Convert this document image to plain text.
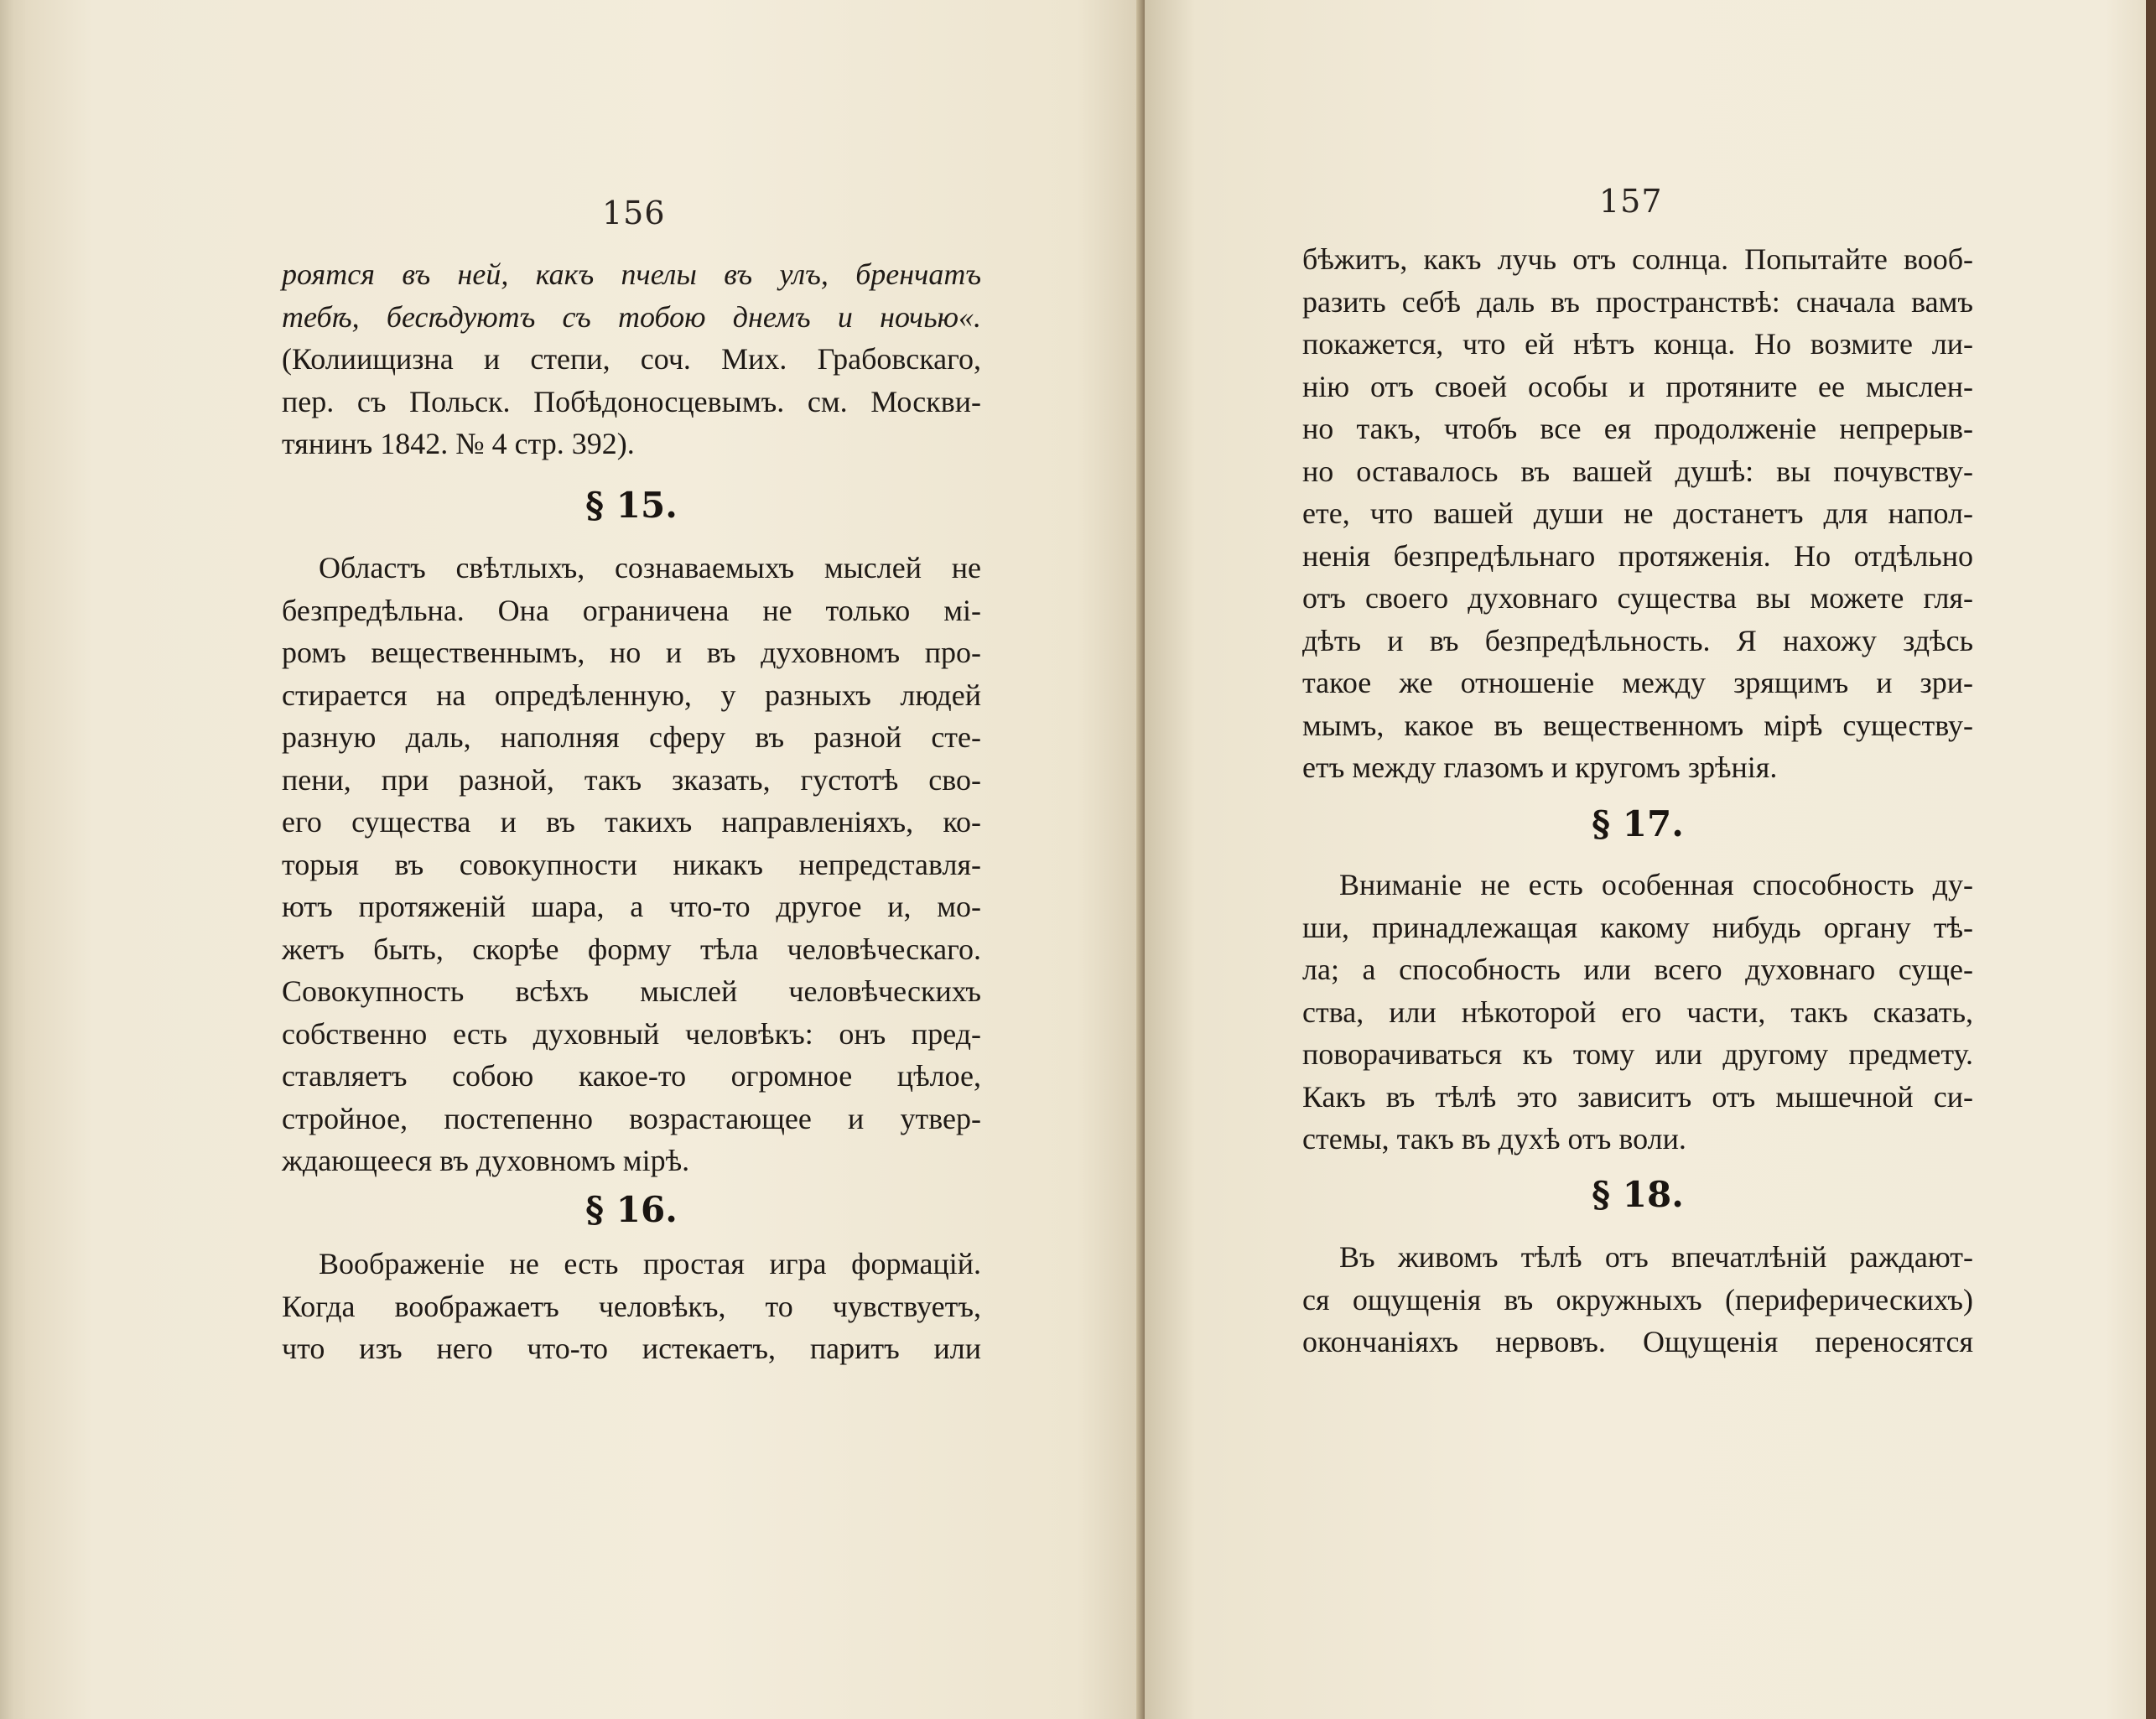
156
роятся въ ней, какъ пчелы въ улъ, бренчатъ
тебѣ, бесѣдуютъ съ тобою днемъ и ночью«.
(Колиищизна и степи, соч. Мих. Грабовскаго,
пер. съ Польск. Побѣдоносцевымъ. см. Москви-
тянинъ 1842. № 4 стр. 392).
§ 15.
Областъ свѣтлыхъ, сознаваемыхъ мыслей не
безпредѣльна. Она ограничена не только мі-
ромъ вещественнымъ, но и въ духовномъ про-
стирается на опредѣленную, у разныхъ людей
разную даль, наполняя сферу въ разной сте-
пени, при разной, такъ зказать, густотѣ сво-
его существа и въ такихъ направленіяхъ, ко-
торыя въ совокупности никакъ непредставля-
ютъ протяженій шара, а что-то другое и, мо-
жетъ быть, скорѣе форму тѣла человѣческаго.
Совокупность всѣхъ мыслей человѣческихъ
собственно есть духовный человѣкъ: онъ пред-
ставляетъ собою какое-то огромное цѣлое,
стройное, постепенно возрастающее и утвер-
ждающееся въ духовномъ мірѣ.
§ 16.
Воображеніе не есть простая игра формацій.
Когда воображаетъ человѣкъ, то чувствуетъ,
что изъ него что-то истекаетъ, паритъ или
157
бѣжитъ, какъ лучь отъ солнца. Попытайте вооб-
разить себѣ даль въ пространствѣ: сначала вамъ
покажется, что ей нѣтъ конца. Но возмите ли-
нію отъ своей особы и протяните ее мыслен-
но такъ, чтобъ все ея продолженіе непрерыв-
но оставалось въ вашей душѣ: вы почувству-
ете, что вашей души не достанетъ для напол-
ненія безпредѣльнаго протяженія. Но отдѣльно
отъ своего духовнаго существа вы можете гля-
дѣть и въ безпредѣльность. Я нахожу здѣсь
такое же отношеніе между зрящимъ и зри-
мымъ, какое въ вещественномъ мірѣ существу-
етъ между глазомъ и кругомъ зрѣнія.
§ 17.
Вниманіе не есть особенная способность ду-
ши, принадлежащая какому нибудь органу тѣ-
ла; а способность или всего духовнаго суще-
ства, или нѣкоторой его части, такъ сказать,
поворачиваться къ тому или другому предмету.
Какъ въ тѣлѣ это зависитъ отъ мышечной си-
стемы, такъ въ духѣ отъ воли.
§ 18.
Въ живомъ тѣлѣ отъ впечатлѣній раждают-
ся ощущенія въ окружныхъ (периферическихъ)
окончаніяхъ нервовъ. Ощущенія переносятся
